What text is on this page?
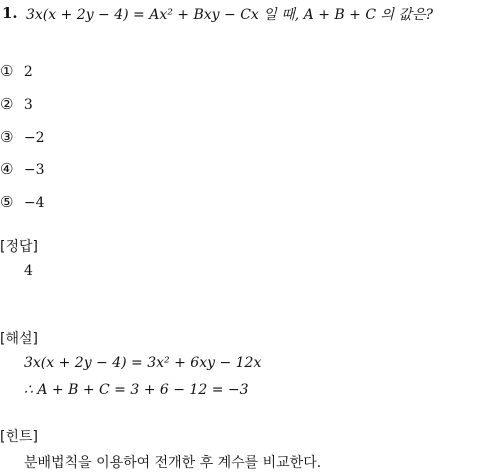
1. 3x(x + 2y − 4) = Ax² + Bxy − Cx 일 때, A + B + C 의 값은?
① 2
② 3
③ −2
④ −3
⑤ −4
[정답]
4
[해설]
3x(x + 2y − 4) = 3x² + 6xy − 12x
∴ A + B + C = 3 + 6 − 12 = −3
[힌트]
분배법칙을 이용하여 전개한 후 계수를 비교한다.
